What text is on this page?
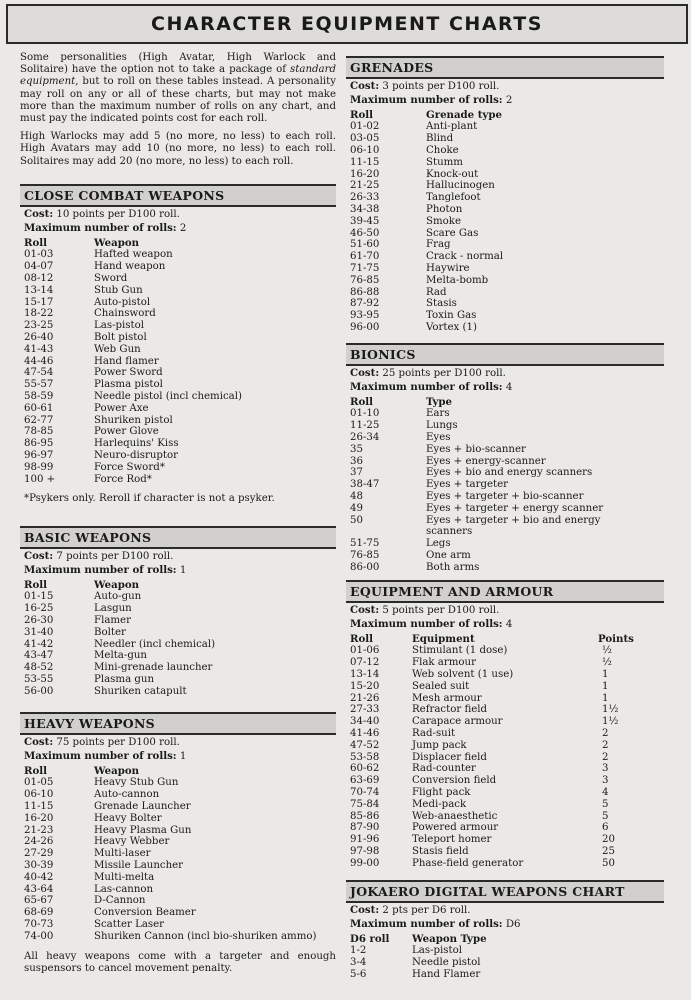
CHARACTER EQUIPMENT CHARTS

Some personalities (High Avatar, High Warlock and Solitaire) have the option not to take a package of standard equipment, but to roll on these tables instead. A personality may roll on any or all of these charts, but may not make more than the maximum number of rolls on any chart, and must pay the indicated points cost for each roll.

High Warlocks may add 5 (no more, no less) to each roll. High Avatars may add 10 (no more, no less) to each roll. Solitaires may add 20 (no more, no less) to each roll.

CLOSE COMBAT WEAPONS
Cost: 10 points per D100 roll.
Maximum number of rolls: 2
Roll	Weapon
01-03	Hafted weapon
04-07	Hand weapon
08-12	Sword
13-14	Stub Gun
15-17	Auto-pistol
18-22	Chainsword
23-25	Las-pistol
26-40	Bolt pistol
41-43	Web Gun
44-46	Hand flamer
47-54	Power Sword
55-57	Plasma pistol
58-59	Needle pistol (incl chemical)
60-61	Power Axe
62-77	Shuriken pistol
78-85	Power Glove
86-95	Harlequins' Kiss
96-97	Neuro-disruptor
98-99	Force Sword*
100 +	Force Rod*
*Psykers only. Reroll if character is not a psyker.
BASIC WEAPONS
Cost: 7 points per D100 roll.
Maximum number of rolls: 1
Roll	Weapon
01-15	Auto-gun
16-25	Lasgun
26-30	Flamer
31-40	Bolter
41-42	Needler (incl chemical)
43-47	Melta-gun
48-52	Mini-grenade launcher
53-55	Plasma gun
56-00	Shuriken catapult
HEAVY WEAPONS
Cost: 75 points per D100 roll.
Maximum number of rolls: 1
Roll	Weapon
01-05	Heavy Stub Gun
06-10	Auto-cannon
11-15	Grenade Launcher
16-20	Heavy Bolter
21-23	Heavy Plasma Gun
24-26	Heavy Webber
27-29	Multi-laser
30-39	Missile Launcher
40-42	Multi-melta
43-64	Las-cannon
65-67	D-Cannon
68-69	Conversion Beamer
70-73	Scatter Laser
74-00	Shuriken Cannon (incl bio-shuriken ammo)
All heavy weapons come with a targeter and enough suspensors to cancel movement penalty.
GRENADES
Cost: 3 points per D100 roll.
Maximum number of rolls: 2
Roll	Grenade type
01-02	Anti-plant
03-05	Blind
06-10	Choke
11-15	Stumm
16-20	Knock-out
21-25	Hallucinogen
26-33	Tanglefoot
34-38	Photon
39-45	Smoke
46-50	Scare Gas
51-60	Frag
61-70	Crack - normal
71-75	Haywire
76-85	Melta-bomb
86-88	Rad
87-92	Stasis
93-95	Toxin Gas
96-00	Vortex (1)
BIONICS
Cost: 25 points per D100 roll.
Maximum number of rolls: 4
Roll	Type
01-10	Ears
11-25	Lungs
26-34	Eyes
35	Eyes + bio-scanner
36	Eyes + energy-scanner
37	Eyes + bio and energy scanners
38-47	Eyes + targeter
48	Eyes + targeter + bio-scanner
49	Eyes + targeter + energy scanner
50	Eyes + targeter + bio and energy
	scanners
51-75	Legs
76-85	One arm
86-00	Both arms
EQUIPMENT AND ARMOUR
Cost: 5 points per D100 roll.
Maximum number of rolls: 4
Roll	Equipment	Points
01-06	Stimulant (1 dose)	½
07-12	Flak armour	½
13-14	Web solvent (1 use)	1
15-20	Sealed suit	1
21-26	Mesh armour	1
27-33	Refractor field	1½
34-40	Carapace armour	1½
41-46	Rad-suit	2
47-52	Jump pack	2
53-58	Displacer field	2
60-62	Rad-counter	3
63-69	Conversion field	3
70-74	Flight pack	4
75-84	Medi-pack	5
85-86	Web-anaesthetic	5
87-90	Powered armour	6
91-96	Teleport homer	20
97-98	Stasis field	25
99-00	Phase-field generator	50
JOKAERO DIGITAL WEAPONS CHART
Cost: 2 pts per D6 roll.
Maximum number of rolls: D6
D6 roll	Weapon Type
1-2	Las-pistol
3-4	Needle pistol
5-6	Hand Flamer
